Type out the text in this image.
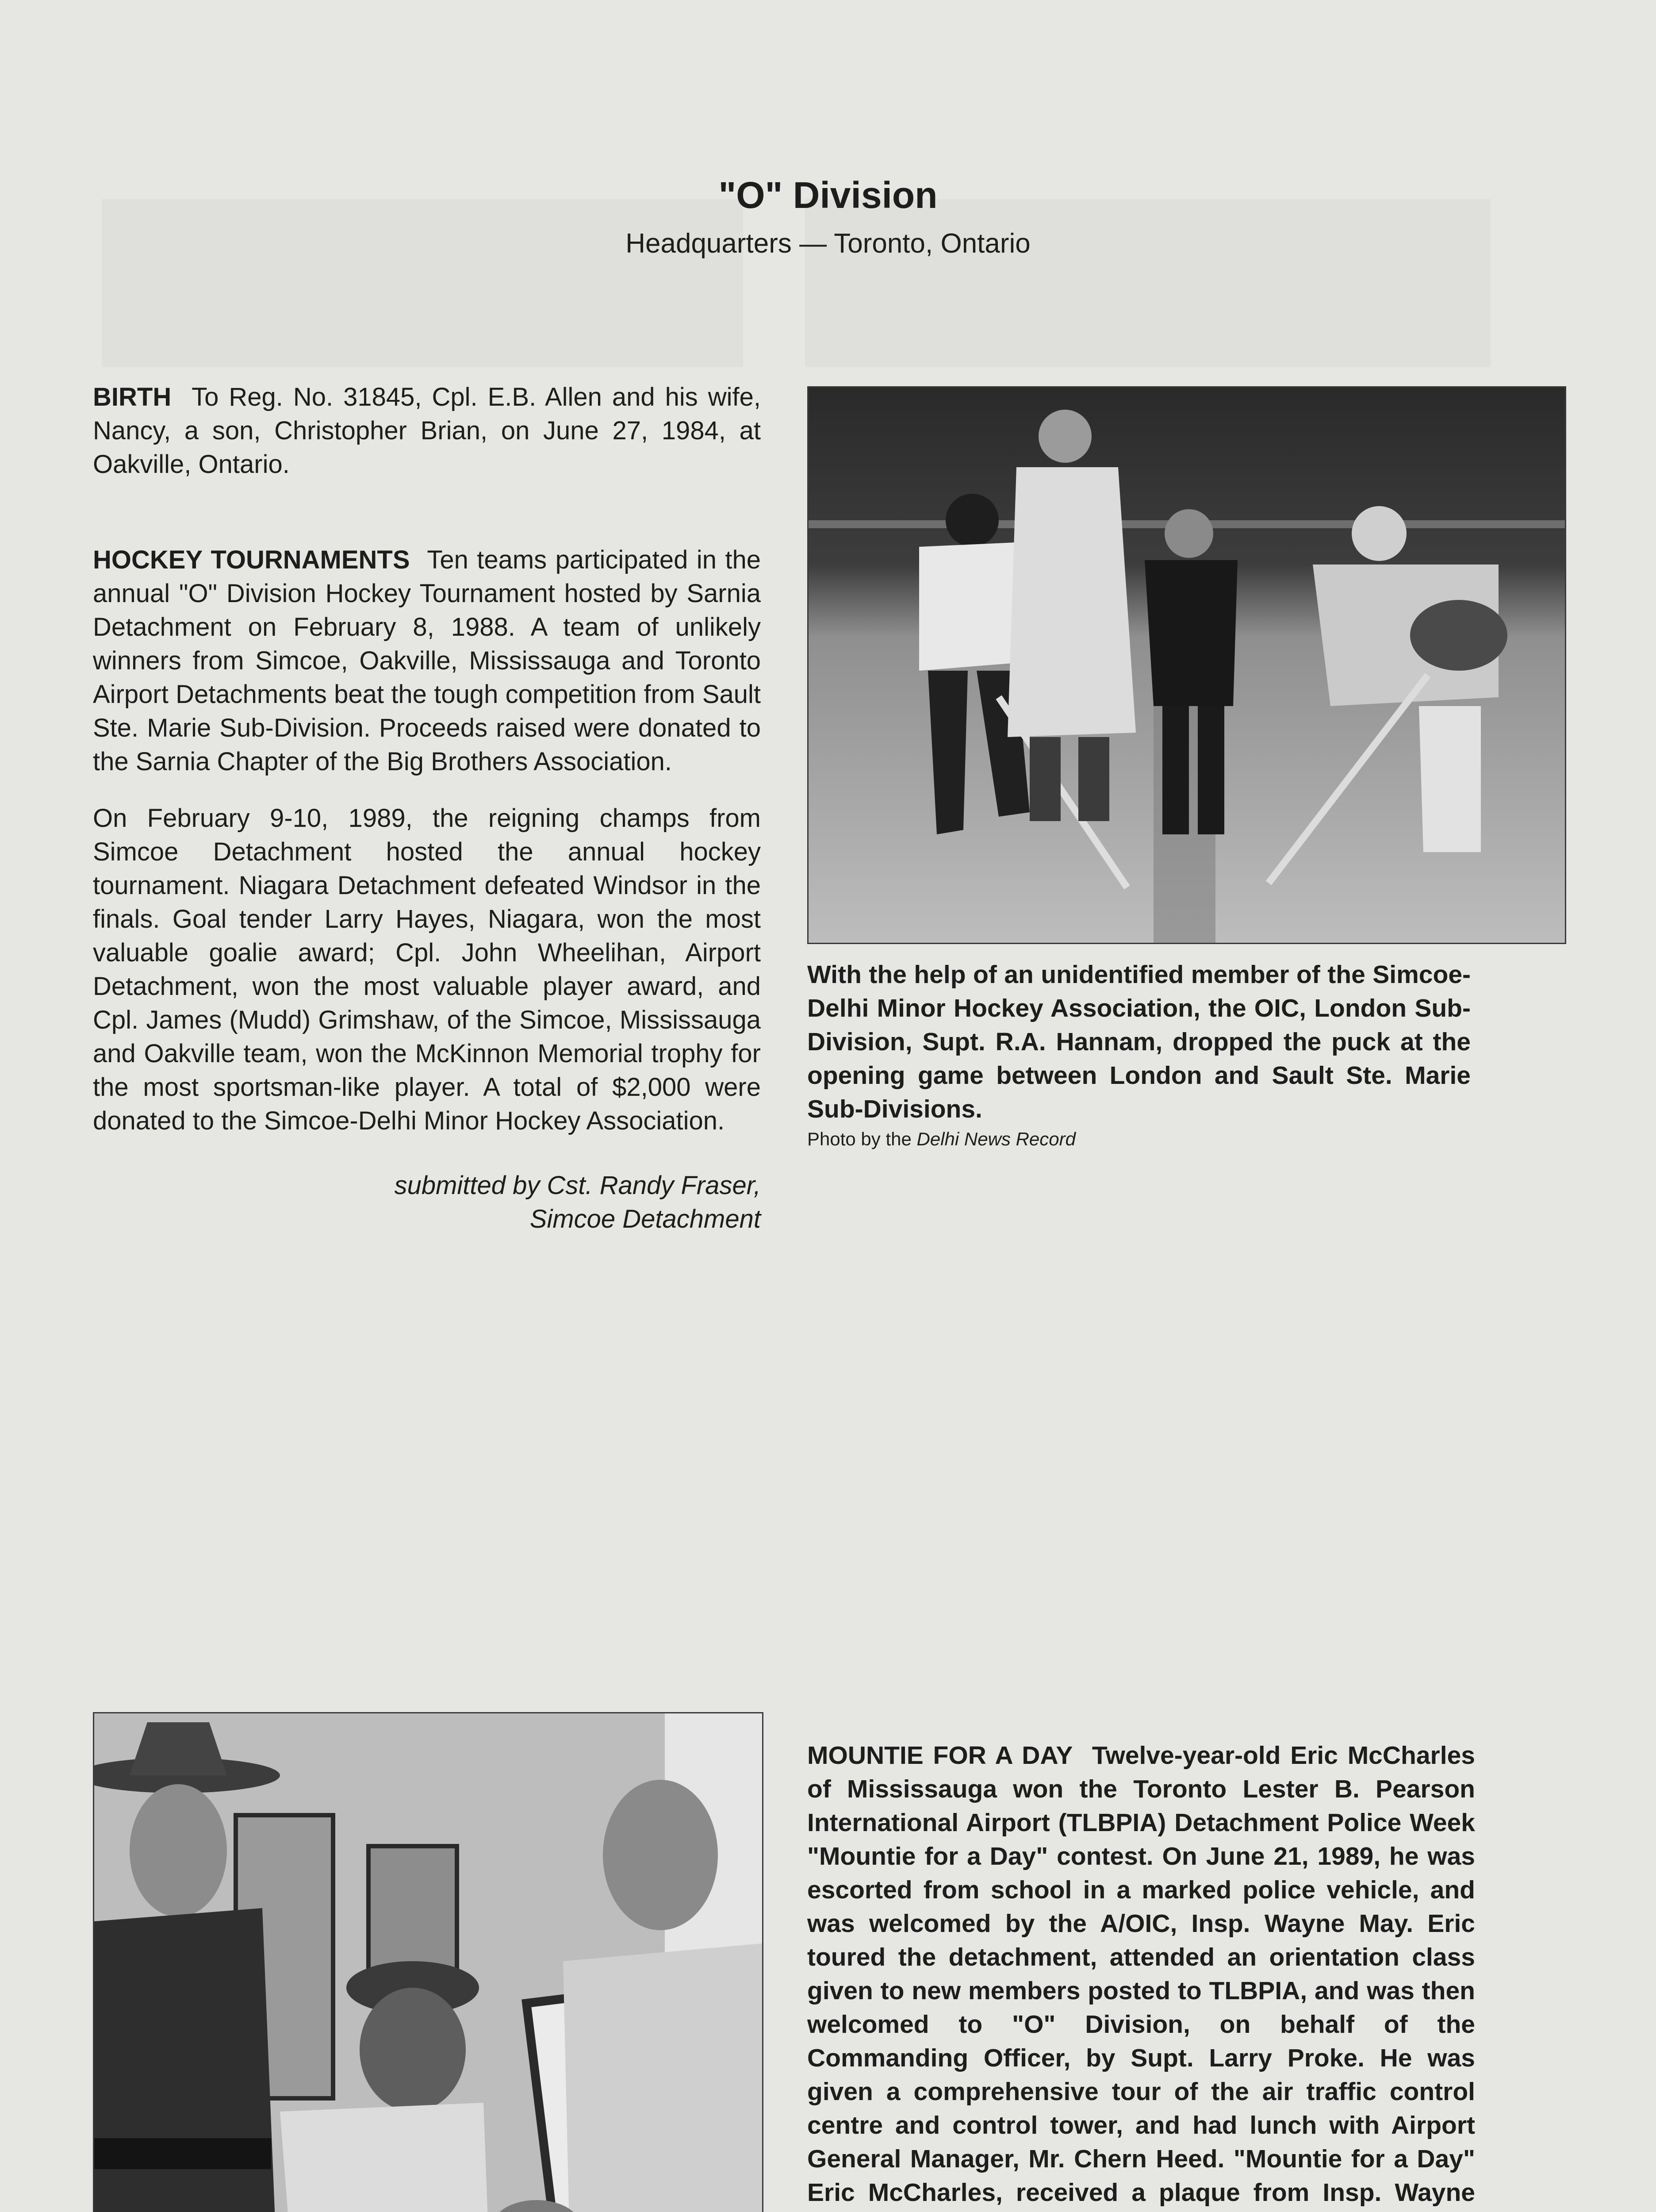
"O" Division
Headquarters — Toronto, Ontario

BIRTH To Reg. No. 31845, Cpl. E.B. Allen and his wife, Nancy, a son, Christopher Brian, on June 27, 1984, at Oakville, Ontario.

HOCKEY TOURNAMENTS Ten teams participated in the annual "O" Division Hockey Tournament hosted by Sarnia Detachment on February 8, 1988. A team of unlikely winners from Simcoe, Oakville, Mississauga and Toronto Airport Detachments beat the tough competition from Sault Ste. Marie Sub-Division. Proceeds raised were donated to the Sarnia Chapter of the Big Brothers Association.

On February 9-10, 1989, the reigning champs from Simcoe Detachment hosted the annual hockey tournament. Niagara Detachment defeated Windsor in the finals. Goal tender Larry Hayes, Niagara, won the most valuable goalie award; Cpl. John Wheelihan, Airport Detachment, won the most valuable player award, and Cpl. James (Mudd) Grimshaw, of the Simcoe, Mississauga and Oakville team, won the McKinnon Memorial trophy for the most sportsman-like player. A total of $2,000 were donated to the Simcoe-Delhi Minor Hockey Association.

submitted by Cst. Randy Fraser,
Simcoe Detachment
With the help of an unidentified member of the Simcoe-Delhi Minor Hockey Association, the OIC, London Sub-Division, Supt. R.A. Hannam, dropped the puck at the opening game between London and Sault Ste. Marie Sub-Divisions.
Photo by the Delhi News Record
MOUNTIE FOR A DAY Twelve-year-old Eric McCharles of Mississauga won the Toronto Lester B. Pearson International Airport (TLBPIA) Detachment Police Week "Mountie for a Day" contest. On June 21, 1989, he was escorted from school in a marked police vehicle, and was welcomed by the A/OIC, Insp. Wayne May. Eric toured the detachment, attended an orientation class given to new members posted to TLBPIA, and was then welcomed to "O" Division, on behalf of the Commanding Officer, by Supt. Larry Proke. He was given a comprehensive tour of the air traffic control centre and control tower, and had lunch with Airport General Manager, Mr. Chern Heed. "Mountie for a Day" Eric McCharles, received a plaque from Insp. Wayne
